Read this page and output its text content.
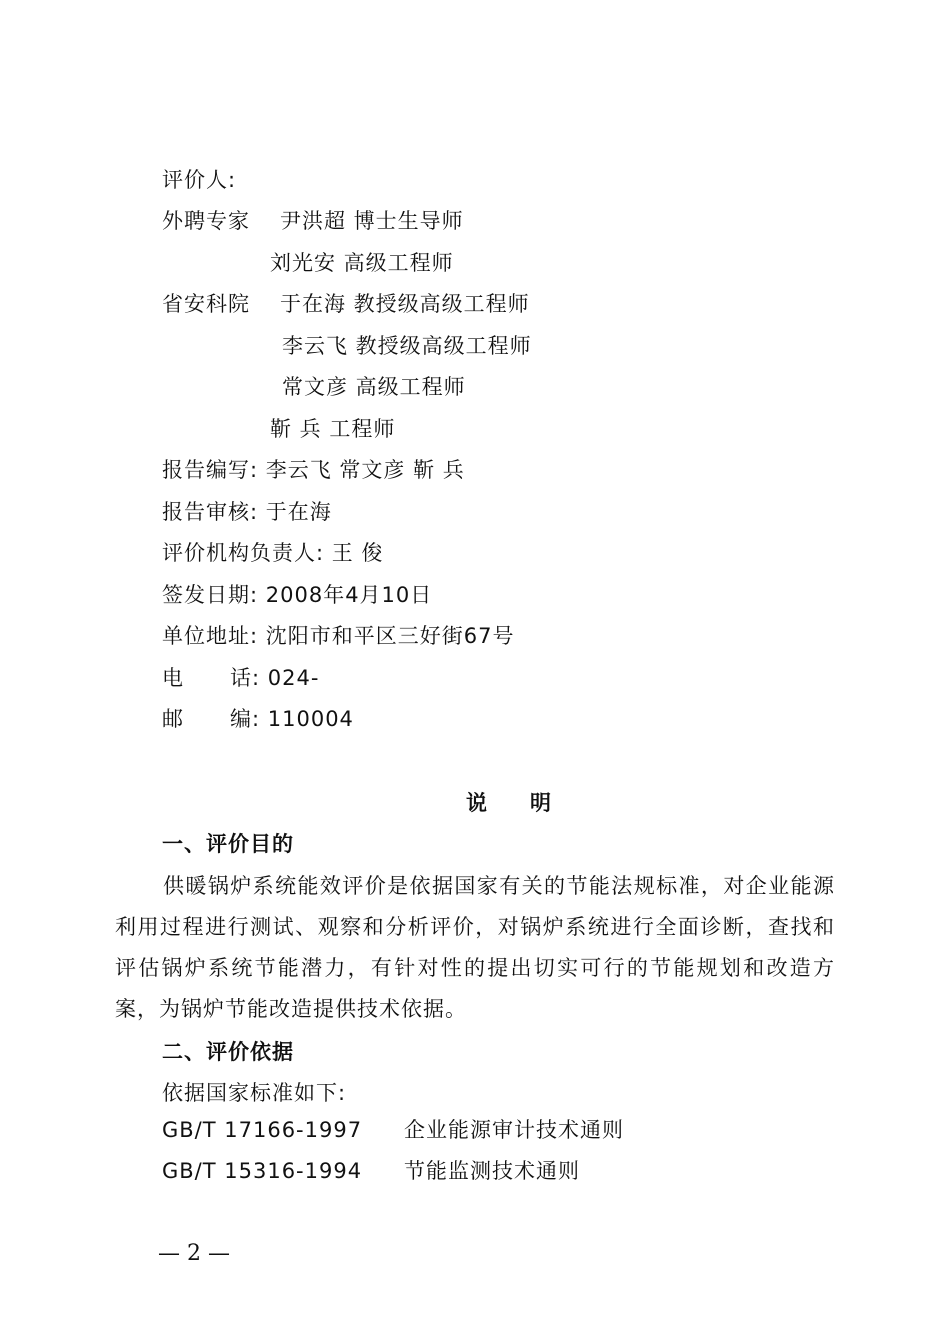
评价人:
外聘专家 尹洪超 博士生导师
刘光安 高级工程师
省安科院 于在海 教授级高级工程师
李云飞 教授级高级工程师
常文彦 高级工程师
靳 兵 工程师
报告编写: 李云飞 常文彦 靳 兵
报告审核: 于在海
评价机构负责人: 王 俊
签发日期: 2008年4月10日
单位地址: 沈阳市和平区三好街67号
电 话: 024-
邮 编: 110004
说 明
一、评价目的
供暖锅炉系统能效评价是依据国家有关的节能法规标准，对企业能源利用过程进行测试、观察和分析评价，对锅炉系统进行全面诊断，查找和评估锅炉系统节能潜力，有针对性的提出切实可行的节能规划和改造方案，为锅炉节能改造提供技术依据。
二、评价依据
依据国家标准如下:
GB/T 17166-1997 企业能源审计技术通则
GB/T 15316-1994 节能监测技术通则
— 2 —
